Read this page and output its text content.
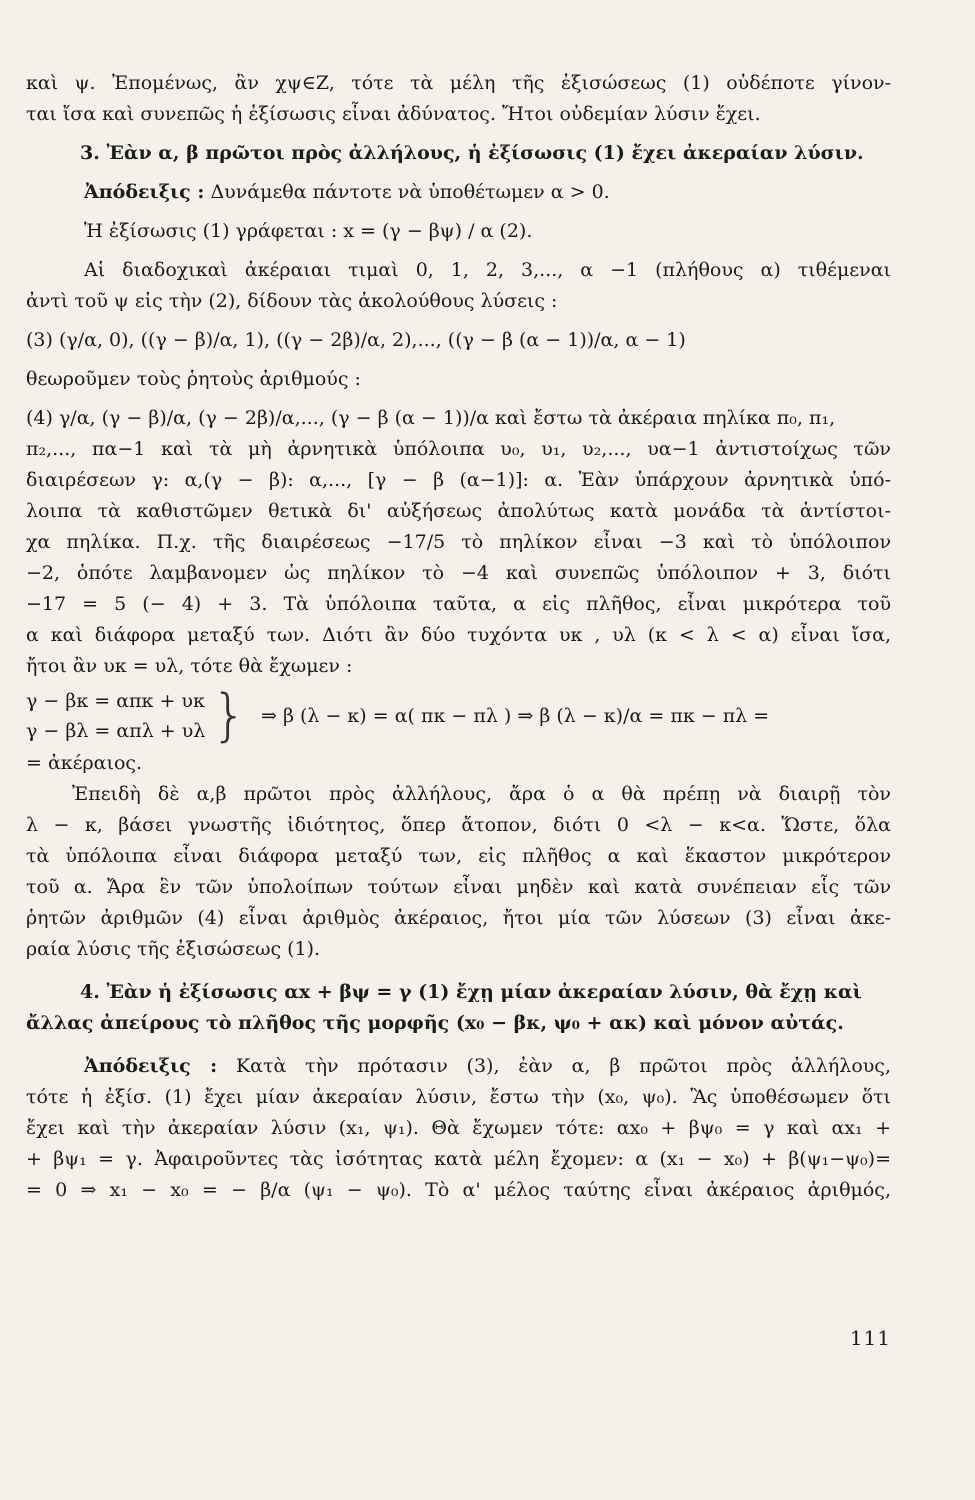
καὶ ψ. Ἐπομένως, ἂν χψ∈Z, τότε τὰ μέλη τῆς ἐξισώσεως (1) οὐδέποτε γίνον-
ται ἴσα καὶ συνεπῶς ἡ ἐξίσωσις εἶναι ἀδύνατος. Ἤτοι οὐδεμίαν λύσιν ἔχει.
3. Ἐὰν α, β πρῶτοι πρὸς ἀλλήλους, ἡ ἐξίσωσις (1) ἔχει ἀκεραίαν λύσιν.
Ἀπόδειξις : Δυνάμεθα πάντοτε νὰ ὑποθέτωμεν α > 0.
Ἡ ἐξίσωσις (1) γράφεται : x = (γ − βψ) / α (2).
Αἱ διαδοχικαὶ ἀκέραιαι τιμαὶ 0, 1, 2, 3,..., α −1 (πλήθους α) τιθέμεναι
ἀντὶ τοῦ ψ εἰς τὴν (2), δίδουν τὰς ἀκολούθους λύσεις :
(3) (γ/α, 0), ((γ − β)/α, 1), ((γ − 2β)/α, 2),..., ((γ − β (α − 1))/α, α − 1)
θεωροῦμεν τοὺς ῥητοὺς ἀριθμούς :
(4) γ/α, (γ − β)/α, (γ − 2β)/α,..., (γ − β (α − 1))/α καὶ ἔστω τὰ ἀκέραια πηλίκα π₀, π₁,
π₂,..., πα−1 καὶ τὰ μὴ ἀρνητικὰ ὑπόλοιπα υ₀, υ₁, υ₂,..., υα−1 ἀντιστοίχως τῶν
διαιρέσεων γ: α,(γ − β): α,..., [γ − β (α−1)]: α. Ἐὰν ὑπάρχουν ἀρνητικὰ ὑπό-
λοιπα τὰ καθιστῶμεν θετικὰ δι' αὐξήσεως ἀπολύτως κατὰ μονάδα τὰ ἀντίστοι-
χα πηλίκα. Π.χ. τῆς διαιρέσεως −17/5 τὸ πηλίκον εἶναι −3 καὶ τὸ ὑπόλοιπον
−2, ὁπότε λαμβανομεν ὡς πηλίκον τὸ −4 καὶ συνεπῶς ὑπόλοιπον + 3, διότι
−17 = 5 (− 4) + 3. Τὰ ὑπόλοιπα ταῦτα, α εἰς πλῆθος, εἶναι μικρότερα τοῦ
α καὶ διάφορα μεταξύ των. Διότι ἂν δύο τυχόντα υκ , υλ (κ < λ < α) εἶναι ἴσα,
ἤτοι ἂν υκ = υλ, τότε θὰ ἔχωμεν :
γ − βκ = απκ + υκ
γ − βλ = απλ + υλ } ⇒ β (λ − κ) = α( πκ − πλ ) ⇒ β (λ − κ)/α = πκ − πλ =
= ἀκέραιος.
Ἐπειδὴ δὲ α,β πρῶτοι πρὸς ἀλλήλους, ἄρα ὁ α θὰ πρέπῃ νὰ διαιρῇ τὸν
λ − κ, βάσει γνωστῆς ἰδιότητος, ὅπερ ἄτοπον, διότι 0 <λ − κ<α. Ὥστε, ὅλα
τὰ ὑπόλοιπα εἶναι διάφορα μεταξύ των, εἰς πλῆθος α καὶ ἕκαστον μικρότερον
τοῦ α. Ἄρα ἓν τῶν ὑπολοίπων τούτων εἶναι μηδὲν καὶ κατὰ συνέπειαν εἷς τῶν
ῥητῶν ἀριθμῶν (4) εἶναι ἀριθμὸς ἀκέραιος, ἤτοι μία τῶν λύσεων (3) εἶναι ἀκε-
ραία λύσις τῆς ἐξισώσεως (1).
4. Ἐὰν ἡ ἐξίσωσις αx + βψ = γ (1) ἔχῃ μίαν ἀκεραίαν λύσιν, θὰ ἔχῃ καὶ
ἄλλας ἀπείρους τὸ πλῆθος τῆς μορφῆς (x₀ − βκ, ψ₀ + ακ) καὶ μόνον αὐτάς.
Ἀπόδειξις : Κατὰ τὴν πρότασιν (3), ἐὰν α, β πρῶτοι πρὸς ἀλλήλους,
τότε ἡ ἐξίσ. (1) ἔχει μίαν ἀκεραίαν λύσιν, ἔστω τὴν (x₀, ψ₀). Ἂς ὑποθέσωμεν ὅτι
ἔχει καὶ τὴν ἀκεραίαν λύσιν (x₁, ψ₁). Θὰ ἔχωμεν τότε: αx₀ + βψ₀ = γ καὶ αx₁ +
+ βψ₁ = γ. Ἀφαιροῦντες τὰς ἰσότητας κατὰ μέλη ἔχομεν: α (x₁ − x₀) + β(ψ₁−ψ₀)=
= 0 ⇒ x₁ − x₀ = − β/α (ψ₁ − ψ₀). Τὸ α' μέλος ταύτης εἶναι ἀκέραιος ἀριθμός,
111
